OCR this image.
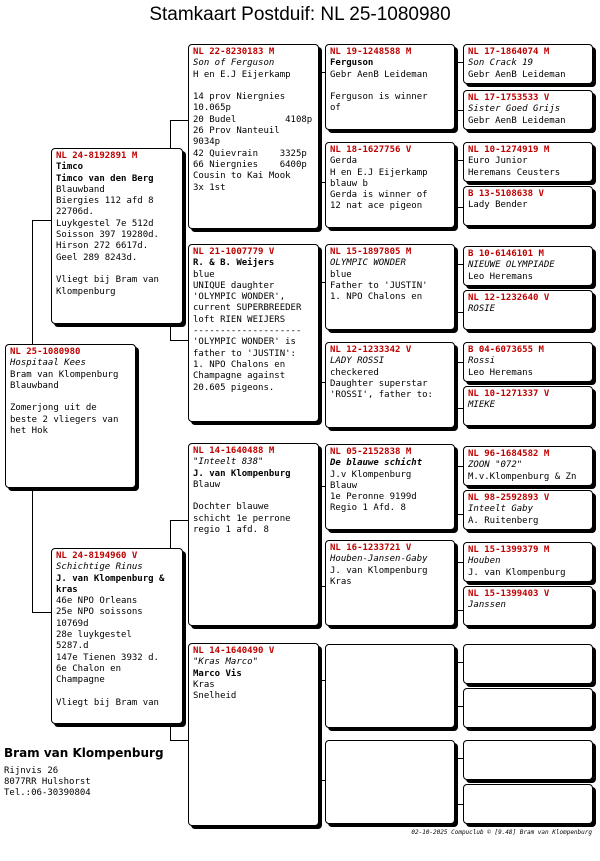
Stamkaart Postduif: NL 25-1080980
NL 25-1080980
Hospitaal Kees
Bram van Klompenburg
Blauwband

Zomerjong uit de
beste 2 vliegers van
het Hok
NL 24-8192891 M
Timco
Timco van den Berg
Blauwband
Biergies 112 afd 8
22706d.
Luykgestel 7e 512d
Soisson 397 19280d.
Hirson 272 6617d.
Geel 289 8243d.

Vliegt bij Bram van
Klompenburg
NL 24-8194960 V
Schichtige Rinus
J. van Klompenburg &
kras
46e NPO Orleans
25e NPO soissons
10769d
28e luykgestel
5287.d
147e Tienen 3932 d.
6e Chalon en
Champagne

Vliegt bij Bram van
NL 22-8230183 M
Son of Ferguson
H en E.J Eijerkamp

14 prov Niergnies
10.065p
20 Budel         4108p
26 Prov Nanteuil
9034p
42 Quievrain    3325p
66 Niergnies    6400p
Cousin to Kai Mook
3x 1st
NL 21-1007779 V
R. & B. Weijers
blue
UNIQUE daughter
'OLYMPIC WONDER',
current SUPERBREEDER
loft RIEN WEIJERS
--------------------
'OLYMPIC WONDER' is
father to 'JUSTIN':
1. NPO Chalons en
Champagne against
20.605 pigeons.
NL 14-1640488 M
"Inteelt 838"
J. van Klompenburg
Blauw

Dochter blauwe
schicht 1e perrone
regio 1 afd. 8
NL 14-1640490 V
"Kras Marco"
Marco Vis
Kras
Snelheid
NL 19-1248588 M
Ferguson
Gebr AenB Leideman

Ferguson is winner
of
NL 18-1627756 V
Gerda
H en E.J Eijerkamp
blauw b
Gerda is winner of
12 nat ace pigeon
NL 15-1897805 M
OLYMPIC WONDER
blue
Father to 'JUSTIN'
1. NPO Chalons en
NL 12-1233342 V
LADY ROSSI
checkered
Daughter superstar
'ROSSI', father to:
NL 05-2152838 M
De blauwe schicht
J.v Klompenburg
Blauw
1e Peronne 9199d
Regio 1 Afd. 8
NL 16-1233721 V
Houben-Jansen-Gaby
J. van Klompenburg
Kras
NL 17-1864074 M
Son Crack 19
Gebr AenB Leideman
NL 17-1753533 V
Sister Goed Grijs
Gebr AenB Leideman
NL 10-1274919 M
Euro Junior
Heremans Ceusters
B 13-5108638 V
Lady Bender
B 10-6146101 M
NIEUWE OLYMPIADE
Leo Heremans
NL 12-1232640 V
ROSIE
B 04-6073655 M
Rossi
Leo Heremans
NL 10-1271337 V
MIEKE
NL 96-1684582 M
ZOON "072"
M.v.Klompenburg & Zn
NL 98-2592893 V
Inteelt Gaby
A. Ruitenberg
NL 15-1399379 M
Houben
J. van Klompenburg
NL 15-1399403 V
Janssen
Bram van Klompenburg
Rijnvis 26
8077RR Hulshorst
Tel.:06-30390804
02-10-2025 Compuclub © [9.48] Bram van Klompenburg
